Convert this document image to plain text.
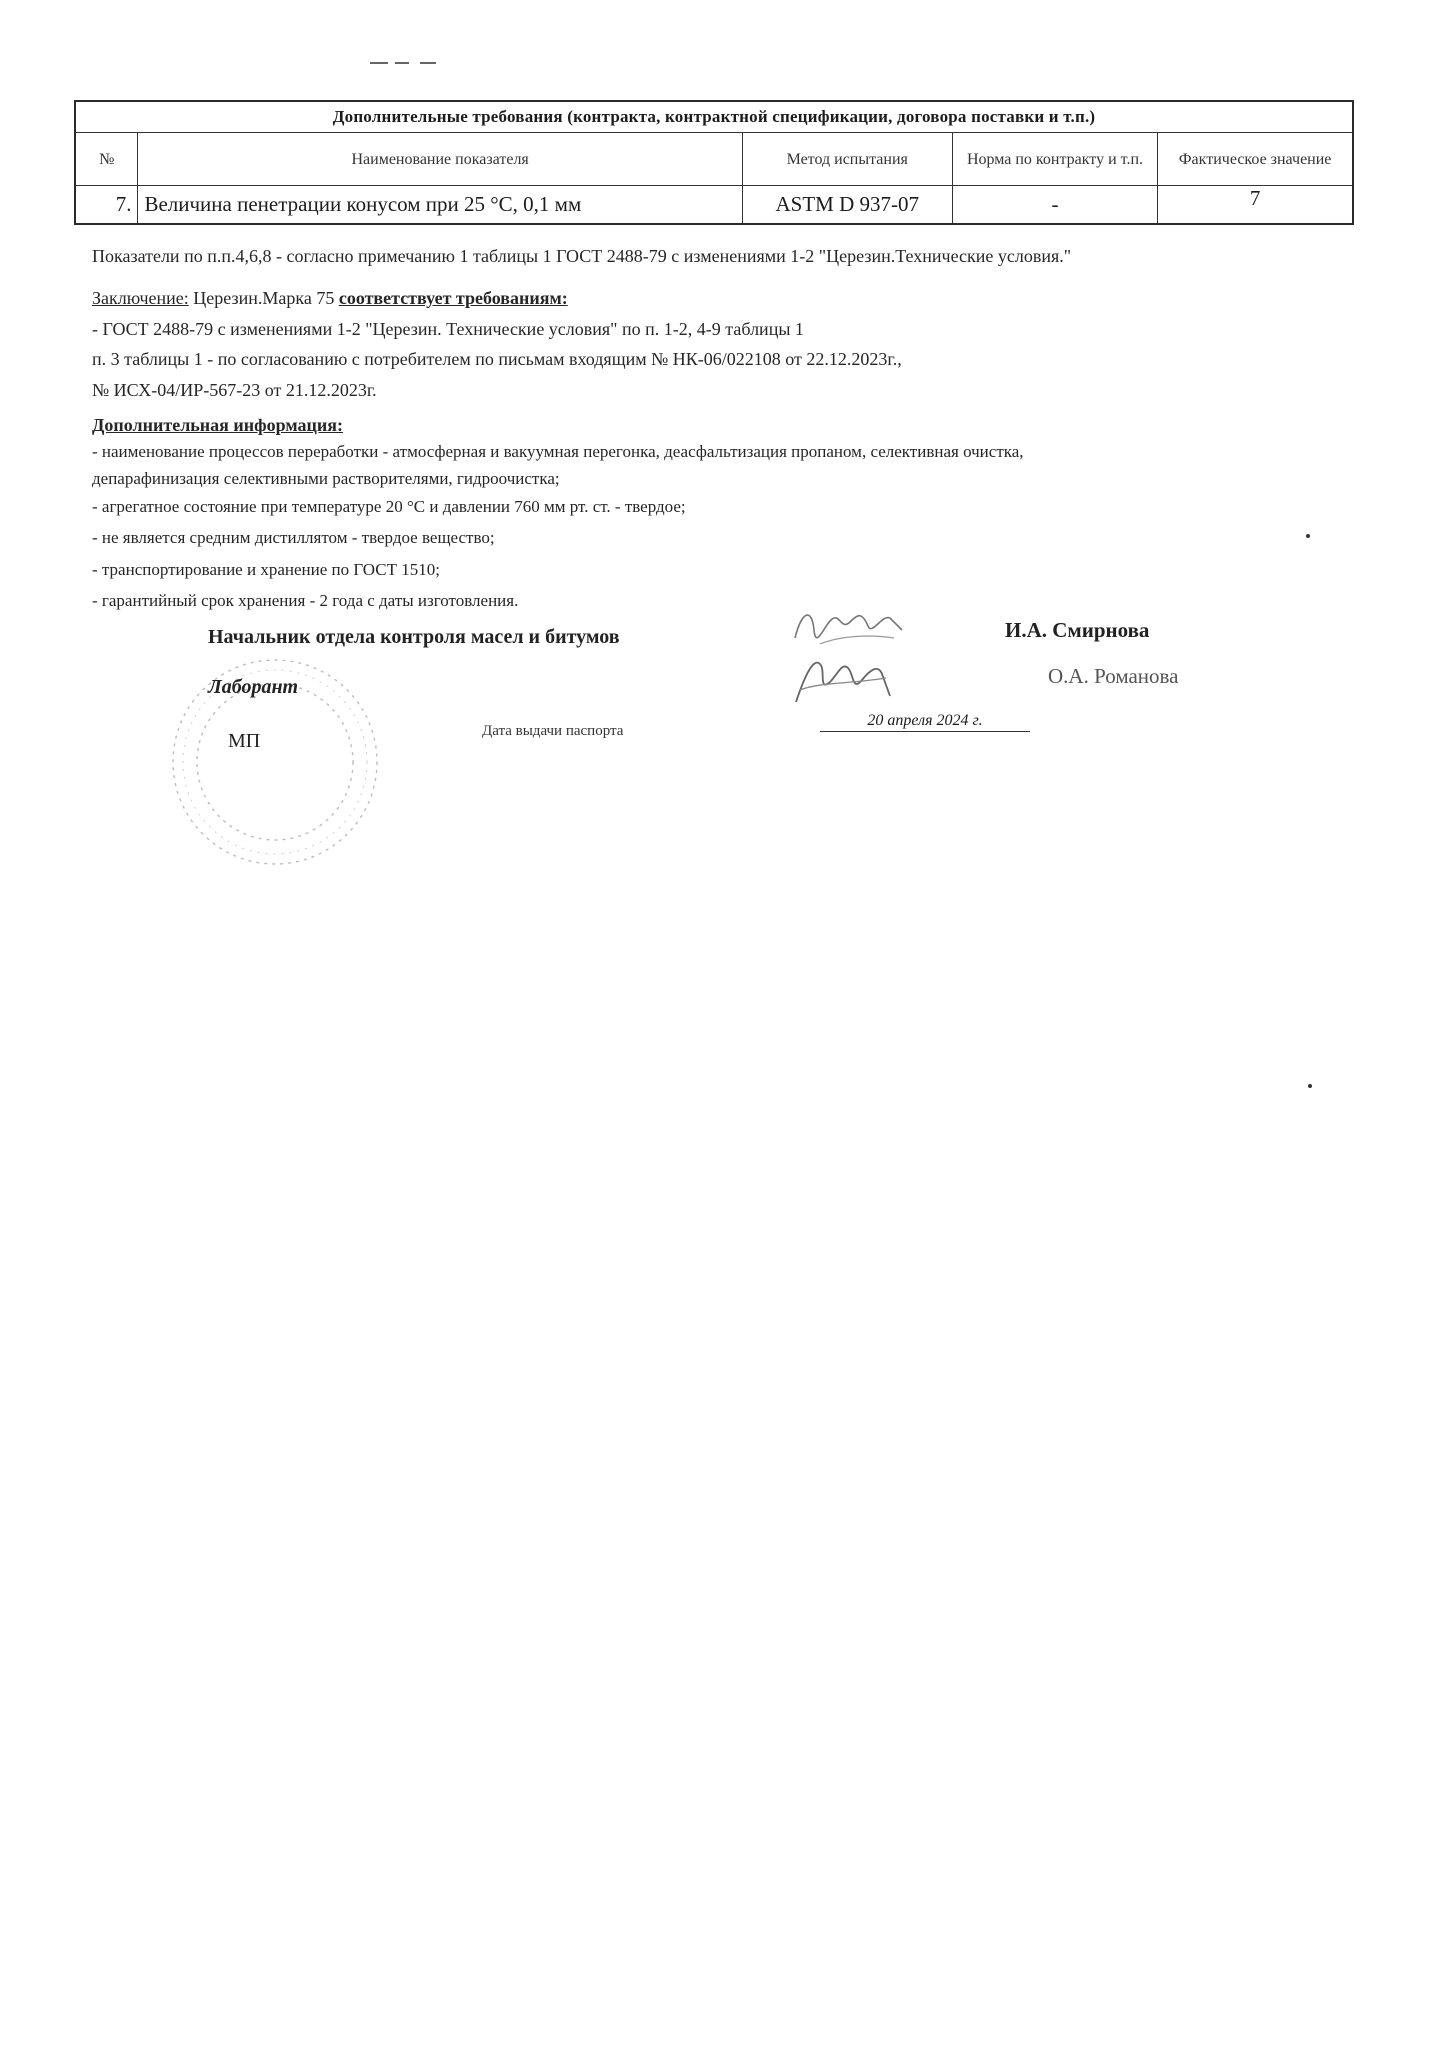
Дополнительные требования (контракта, контрактной спецификации, договора поставки и т.п.)				
№	Наименование показателя	Метод испытания	Норма по контракту и т.п.	Фактическое значение
7.	Величина пенетрации конусом при 25 °С, 0,1 мм	ASTM D 937-07	-	7
Показатели по п.п.4,6,8 - согласно примечанию 1 таблицы 1 ГОСТ 2488-79 с изменениями 1-2 "Церезин.Технические условия."
Заключение: Церезин.Марка 75 соответствует требованиям:
- ГОСТ 2488-79 с изменениями 1-2 "Церезин. Технические условия" по п. 1-2, 4-9 таблицы 1
п. 3 таблицы 1 - по согласованию с потребителем по письмам входящим № НК-06/022108 от 22.12.2023г.,
№ ИСХ-04/ИР-567-23 от 21.12.2023г.
Дополнительная информация:
- наименование процессов переработки - атмосферная и вакуумная перегонка, деасфальтизация пропаном, селективная очистка,
депарафинизация селективными растворителями, гидроочистка;
- агрегатное состояние при температуре 20 °С и давлении 760 мм рт. ст. - твердое;
- не является средним дистиллятом - твердое вещество;
- транспортирование и хранение по ГОСТ 1510;
- гарантийный срок хранения - 2 года с даты изготовления.
Начальник отдела контроля масел и битумов	И.А. Смирнова
Лаборант	О.А. Романова
МП	Дата выдачи паспорта
20 апреля 2024 г.
